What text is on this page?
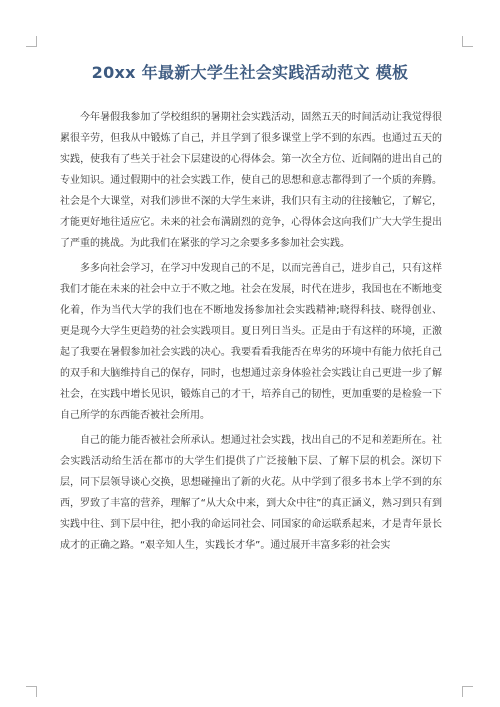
20xx 年最新大学生社会实践活动范文 模板

今年暑假我参加了学校组织的暑期社会实践活动，固然五天的时间活动让我觉得很累很辛劳，但我从中锻炼了自己，并且学到了很多课堂上学不到的东西。也通过五天的实践，使我有了些关于社会下层建设的心得体会。第一次全方位、近间隔的进出自己的专业知识。通过假期中的社会实践工作，使自己的思想和意志都得到了一个质的奔腾。社会是个大课堂，对我们涉世不深的大学生来讲，我们只有主动的往接触它，了解它，才能更好地往适应它。未来的社会布满剧烈的竞争，心得体会这向我们广大大学生提出了严重的挑战。为此我们在紧张的学习之余要多多参加社会实践。

多多向社会学习，在学习中发现自己的不足，以而完善自己，进步自己，只有这样我们才能在未来的社会中立于不败之地。社会在发展，时代在进步，我国也在不断地变化着，作为当代大学的我们也在不断地发扬参加社会实践精神;晓得科技、晓得创业、更是现今大学生更趋势的社会实践项目。夏日列日当头。正是由于有这样的环境，正激起了我要在暑假参加社会实践的决心。我要看看我能否在卑劣的环境中有能力依托自己的双手和大脑维持自己的保存，同时，也想通过亲身体验社会实践让自己更进一步了解社会，在实践中增长见识，锻炼自己的才干，培养自己的韧性，更加重要的是检验一下自己所学的东西能否被社会所用。

自己的能力能否被社会所承认。想通过社会实践，找出自己的不足和差距所在。社会实践活动给生活在都市的大学生们提供了广泛接触下层、了解下层的机会。深切下层，同下层领导谈心交换，思想碰撞出了新的火花。从中学到了很多书本上学不到的东西，罗致了丰富的营养，理解了“从大众中来，到大众中往”的真正涵义，熟习到只有到实践中往、到下层中往，把小我的命运同社会、同国家的命运联系起来，才是青年景长成才的正确之路。“艰辛知人生，实践长才华”。通过展开丰富多彩的社会实
